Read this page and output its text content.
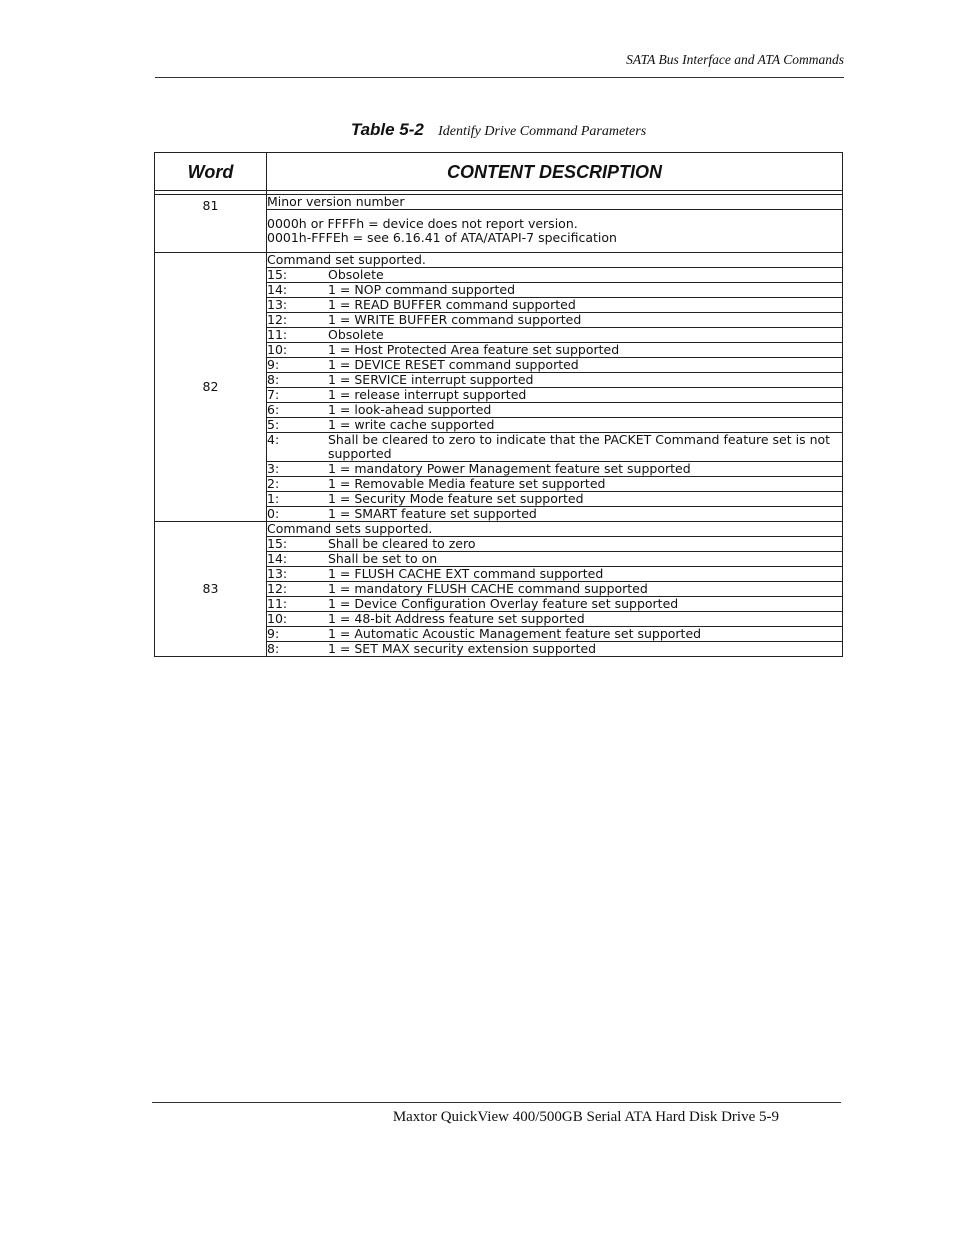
SATA Bus Interface and ATA Commands
Table 5-2 Identify Drive Command Parameters
Word	CONTENT DESCRIPTION

81	Minor version number

	0000h or FFFFh = device does not report version.
0001h-FFFEh = see 6.16.41 of ATA/ATAPI-7 specification

82	Command set supported.

	15: Obsolete

	14: 1 = NOP command supported

	13: 1 = READ BUFFER command supported

	12: 1 = WRITE BUFFER command supported

	11: Obsolete

	10: 1 = Host Protected Area feature set supported

	9: 1 = DEVICE RESET command supported

	8: 1 = SERVICE interrupt supported

	7: 1 = release interrupt supported

	6: 1 = look-ahead supported

	5: 1 = write cache supported

	4: Shall be cleared to zero to indicate that the PACKET Command feature set is not supported

	3: 1 = mandatory Power Management feature set supported

	2: 1 = Removable Media feature set supported

	1: 1 = Security Mode feature set supported

	0: 1 = SMART feature set supported

83	Command sets supported.

	15: Shall be cleared to zero

	14: Shall be set to on

	13: 1 = FLUSH CACHE EXT command supported

	12: 1 = mandatory FLUSH CACHE command supported

	11: 1 = Device Configuration Overlay feature set supported

	10: 1 = 48-bit Address feature set supported

	9: 1 = Automatic Acoustic Management feature set supported

	8: 1 = SET MAX security extension supported
Maxtor QuickView 400/500GB Serial ATA Hard Disk Drive 5-9
